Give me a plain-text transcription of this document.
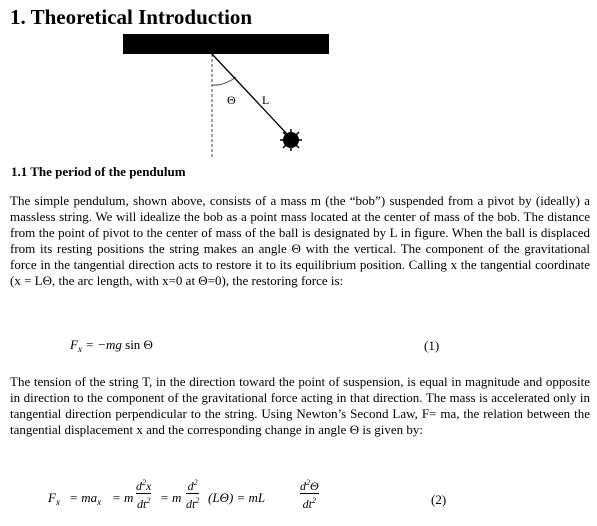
1. Theoretical Introduction
Θ L
1.1 The period of the pendulum

The simple pendulum, shown above, consists of a mass m (the “bob”) suspended from a pivot by (ideally) a massless string. We will idealize the bob as a point mass located at the center of mass of the bob. The distance from the point of pivot to the center of mass of the ball is designated by L in figure. When the ball is displaced from its resting positions the string makes an angle Θ with the vertical. The component of the gravitational force in the tangential direction acts to restore it to its equilibrium position. Calling x the tangential coordinate (x = LΘ, the arc length, with x=0 at Θ=0), the restoring force is:

$F_x = -mg$ sin Θ	(1)

The tension of the string T, in the direction toward the point of suspension, is equal in magnitude and opposite in direction to the component of the gravitational force acting in that direction. The mass is accelerated only in tangential direction perpendicular to the string. Using Newton’s Second Law, F= ma, the relation between the tangential displacement x and the corresponding change in angle Θ is given by:

$F_x = ma_x = m$
$d^2x$
$dt^2 = m$
$d^2$
$dt^2$ (LΘ) = mL
$d^2\Theta$
$dt^2$	(2)
